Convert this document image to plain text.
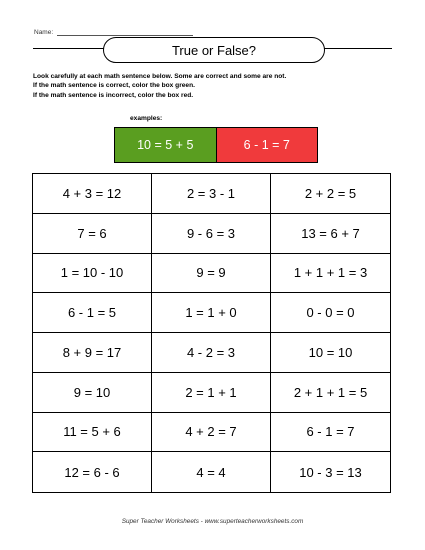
Name:
True or False?
Look carefully at each math sentence below. Some are correct and some are not.
If the math sentence is correct, color the box green.
If the math sentence is incorrect, color the box red.
examples:
10 = 5 + 5	6 - 1 = 7
4 + 3 = 12	2 = 3 - 1	2 + 2 = 5
7 = 6	9 - 6 = 3	13 = 6 + 7
1 = 10 - 10	9 = 9	1 + 1 + 1 = 3
6 - 1 = 5	1 = 1 + 0	0 - 0 = 0
8 + 9 = 17	4 - 2 = 3	10 = 10
9 = 10	2 = 1 + 1	2 + 1 + 1 = 5
11 = 5 + 6	4 + 2 = 7	6 - 1 = 7
12 = 6 - 6	4 = 4	10 - 3 = 13
Super Teacher Worksheets - www.superteacherworksheets.com
